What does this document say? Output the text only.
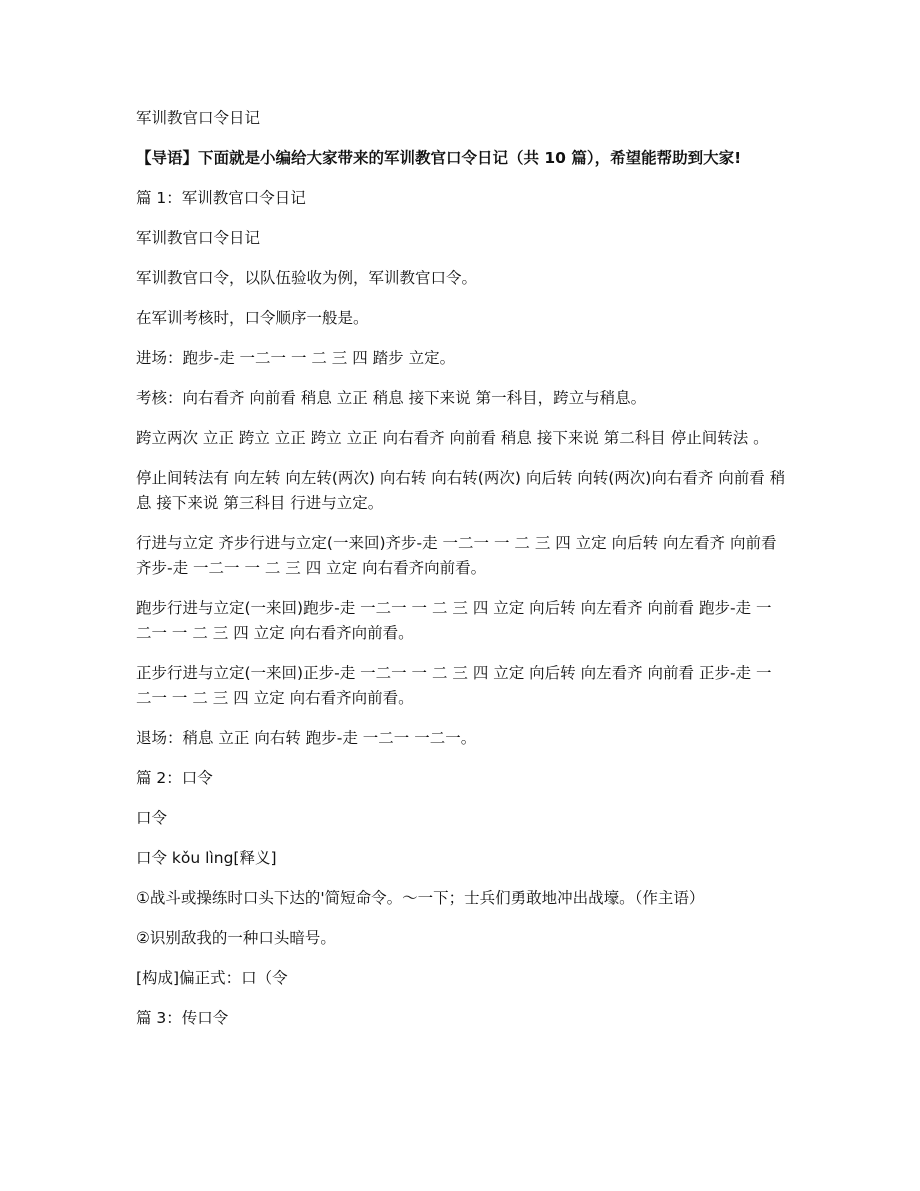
军训教官口令日记

【导语】下面就是小编给大家带来的军训教官口令日记（共 10 篇），希望能帮助到大家!

篇 1：军训教官口令日记

军训教官口令日记

军训教官口令，以队伍验收为例，军训教官口令。

在军训考核时，口令顺序一般是。

进场：跑步-走 一二一 一 二 三 四 踏步 立定。

考核：向右看齐 向前看 稍息 立正 稍息 接下来说 第一科目，跨立与稍息。

跨立两次 立正 跨立 立正 跨立 立正 向右看齐 向前看 稍息 接下来说 第二科目 停止间转法 。

停止间转法有 向左转 向左转(两次) 向右转 向右转(两次) 向后转 向转(两次)向右看齐 向前看 稍息 接下来说 第三科目 行进与立定。

行进与立定 齐步行进与立定(一来回)齐步-走 一二一 一 二 三 四 立定 向后转 向左看齐 向前看 齐步-走 一二一 一 二 三 四 立定 向右看齐向前看。

跑步行进与立定(一来回)跑步-走 一二一 一 二 三 四 立定 向后转 向左看齐 向前看 跑步-走 一二一 一 二 三 四 立定 向右看齐向前看。

正步行进与立定(一来回)正步-走 一二一 一 二 三 四 立定 向后转 向左看齐 向前看 正步-走 一二一 一 二 三 四 立定 向右看齐向前看。

退场：稍息 立正 向右转 跑步-走 一二一 一二一。

篇 2：口令

口令

口令 kǒu lìng[释义]

①战斗或操练时口头下达的'简短命令。～一下；士兵们勇敢地冲出战壕。（作主语）

②识别敌我的一种口头暗号。

[构成]偏正式：口（令

篇 3：传口令
